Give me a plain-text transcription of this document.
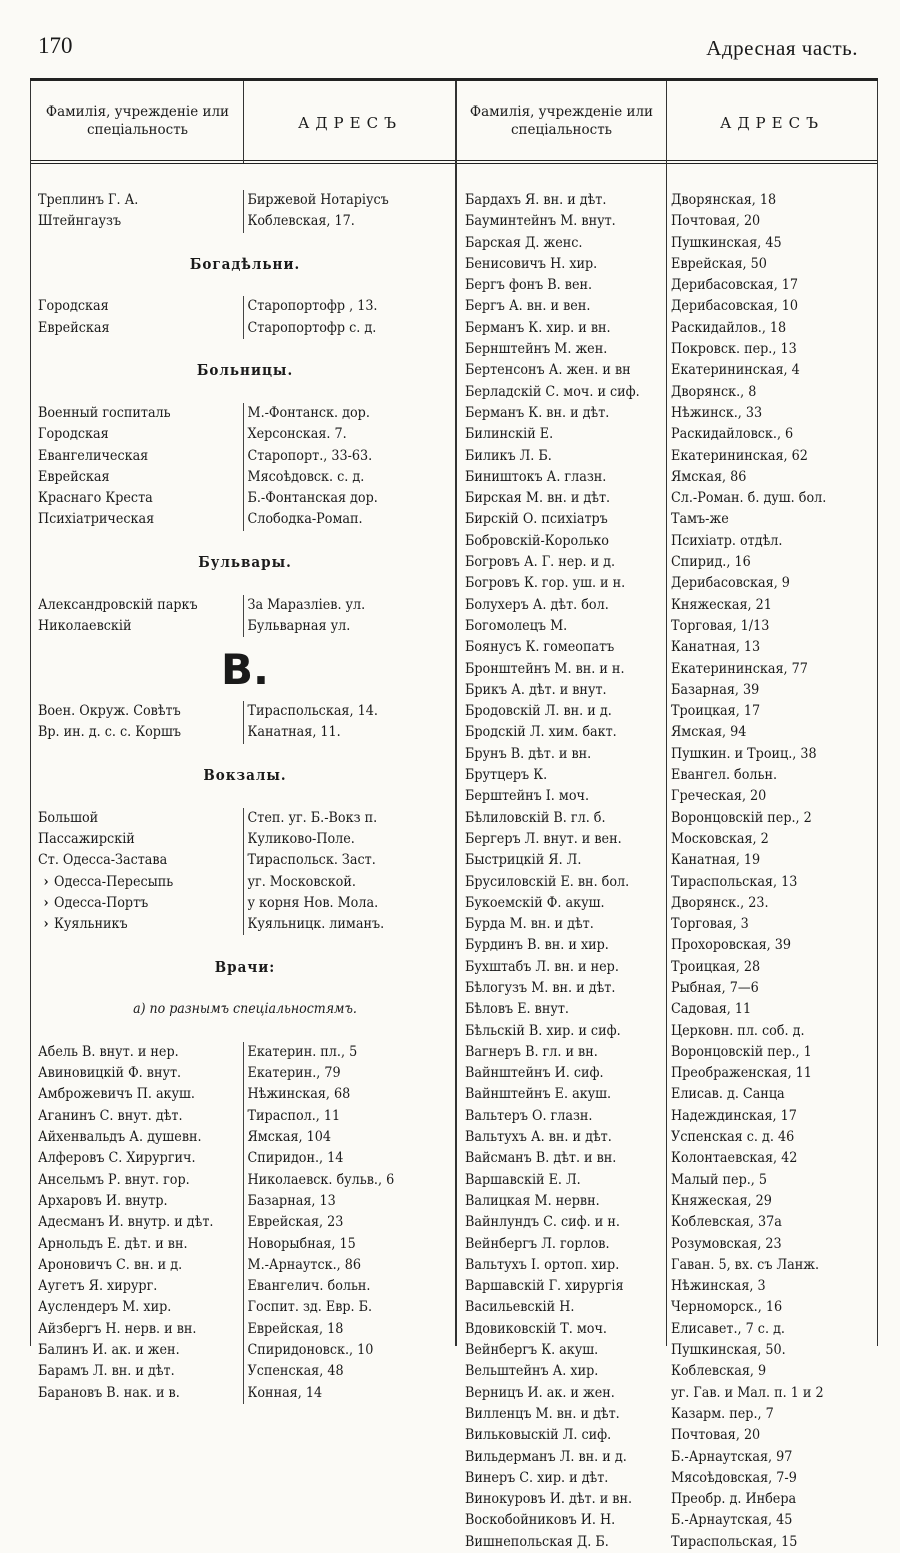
170	Адресная часть.
Фамилія, учрежденіе или спеціальность	АДРЕСЪ
Фамилія, учрежденіе или спеціальность	АДРЕСЪ
Треплинъ Г. А.	Биржевой Нотаріусъ
Штейнгаузъ	Коблевская, 17.
Богадѣльни.
Городская	Старопортофр , 13.
Еврейская	Старопортофр с. д.
Больницы.
Военный госпиталь	М.-Фонтанск. дор.
Городская	Херсонская. 7.
Евангелическая	Старопорт., 33-63.
Еврейская	Мясоѣдовск. с. д.
Краснаго Креста	Б.-Фонтанская дор.
Психіатрическая	Слободка-Ромап.
Бульвары.
Александровскій паркъ	За Маразліев. ул.
Николаевскій	Бульварная ул.
В.
Воен. Окруж. Совѣтъ	Тираспольская, 14.
Вр. ин. д. с. с. Коршъ	Канатная, 11.
Вокзалы.
Большой	Степ. уг. Б.-Вокз п.
Пассажирскій	Куликово-Поле.
Ст. Одесса-Застава	Тираспольск. Заст.
› Одесса-Пересыпь	уг. Московской.
› Одесса-Портъ	у корня Нов. Мола.
› Куяльникъ	Куяльницк. лиманъ.
Врачи:
а) по разнымъ спеціальностямъ.
Абель В. внут. и нер.	Екатерин. пл., 5
Авиновицкій Ф. внут.	Екатерин., 79
Амброжевичъ П. акуш.	Нѣжинская, 68
Аганинъ С. внут. дѣт.	Тираспол., 11
Айхенвальдъ А. душевн.	Ямская, 104
Алферовъ С. Хирургич.	Спиридон., 14
Ансельмъ Р. внут. гор.	Николаевск. бульв., 6
Архаровъ И. внутр.	Базарная, 13
Адесманъ И. внутр. и дѣт.	Еврейская, 23
Арнольдъ Е. дѣт. и вн.	Новорыбная, 15
Ароновичъ С. вн. и д.	М.-Арнаутск., 86
Аугетъ Я. хирург.	Евангелич. больн.
Ауслендеръ М. хир.	Госпит. зд. Евр. Б.
Айзбергъ Н. нерв. и вн.	Еврейская, 18
Балинъ И. ак. и жен.	Спиридоновск., 10
Барамъ Л. вн. и дѣт.	Успенская, 48
Барановъ В. нак. и в.	Конная, 14
Бардахъ Я. вн. и дѣт.	Дворянская, 18
Бауминтейнъ М. внут.	Почтовая, 20
Барская Д. женс.	Пушкинская, 45
Бенисовичъ Н. хир.	Еврейская, 50
Бергъ фонъ В. вен.	Дерибасовская, 17
Бергъ А. вн. и вен.	Дерибасовская, 10
Берманъ К. хир. и вн.	Раскидайлов., 18
Бернштейнъ М. жен.	Покровск. пер., 13
Бертенсонъ А. жен. и вн	Екатерининская, 4
Берладскій С. моч. и сиф.	Дворянск., 8
Берманъ К. вн. и дѣт.	Нѣжинск., 33
Билинскій Е.	Раскидайловск., 6
Биликъ Л. Б.	Екатерининская, 62
Биништокъ А. глазн.	Ямская, 86
Бирская М. вн. и дѣт.	Сл.-Роман. б. душ. бол.
Бирскій О. психіатръ	Тамъ-же
Бобровскій-Королько	Психіатр. отдѣл.
Богровъ А. Г. нер. и д.	Спирид., 16
Богровъ К. гор. уш. и н.	Дерибасовская, 9
Болухеръ А. дѣт. бол.	Княжеская, 21
Богомолецъ М.	Торговая, 1/13
Боянусъ К. гомеопатъ	Канатная, 13
Бронштейнъ М. вн. и н.	Екатерининская, 77
Брикъ А. дѣт. и внут.	Базарная, 39
Бродовскій Л. вн. и д.	Троицкая, 17
Бродскій Л. хим. бакт.	Ямская, 94
Брунъ В. дѣт. и вн.	Пушкин. и Троиц., 38
Брутцеръ К.	Евангел. больн.
Берштейнъ І. моч.	Греческая, 20
Бѣлиловскій В. гл. б.	Воронцовскій пер., 2
Бергеръ Л. внут. и вен.	Московская, 2
Быстрицкій Я. Л.	Канатная, 19
Брусиловскій Е. вн. бол.	Тираспольская, 13
Букоемскій Ф. акуш.	Дворянск., 23.
Бурда М. вн. и дѣт.	Торговая, 3
Бурдинъ В. вн. и хир.	Прохоровская, 39
Бухштабъ Л. вн. и нер.	Троицкая, 28
Бѣлогузъ М. вн. и дѣт.	Рыбная, 7—6
Бѣловъ Е. внут.	Садовая, 11
Бѣльскій В. хир. и сиф.	Церковн. пл. соб. д.
Вагнеръ В. гл. и вн.	Воронцовскій пер., 1
Вайнштейнъ И. сиф.	Преображенская, 11
Вайнштейнъ Е. акуш.	Елисав. д. Санца
Вальтеръ О. глазн.	Надеждинская, 17
Вальтухъ А. вн. и дѣт.	Успенская с. д. 46
Вайсманъ В. дѣт. и вн.	Колонтаевская, 42
Варшавскій Е. Л.	Малый пер., 5
Валицкая М. нервн.	Княжеская, 29
Вайнлундъ С. сиф. и н.	Коблевская, 37а
Вейнбергъ Л. горлов.	Розумовская, 23
Вальтухъ І. ортоп. хир.	Гаван. 5, вх. съ Ланж.
Варшавскій Г. хирургія	Нѣжинская, 3
Васильевскій Н.	Черноморск., 16
Вдовиковскій Т. моч.	Елисавет., 7 с. д.
Вейнбергъ К. акуш.	Пушкинская, 50.
Вельштейнъ А. хир.	Коблевская, 9
Верницъ И. ак. и жен.	уг. Гав. и Мал. п. 1 и 2
Вилленцъ М. вн. и дѣт.	Казарм. пер., 7
Вильковыскій Л. сиф.	Почтовая, 20
Вильдерманъ Л. вн. и д.	Б.-Арнаутская, 97
Винеръ С. хир. и дѣт.	Мясоѣдовская, 7-9
Винокуровъ И. дѣт. и вн.	Преобр. д. Инбера
Воскобойниковъ И. Н.	Б.-Арнаутская, 45
Вишнепольская Д. Б.	Тираспольская, 15
